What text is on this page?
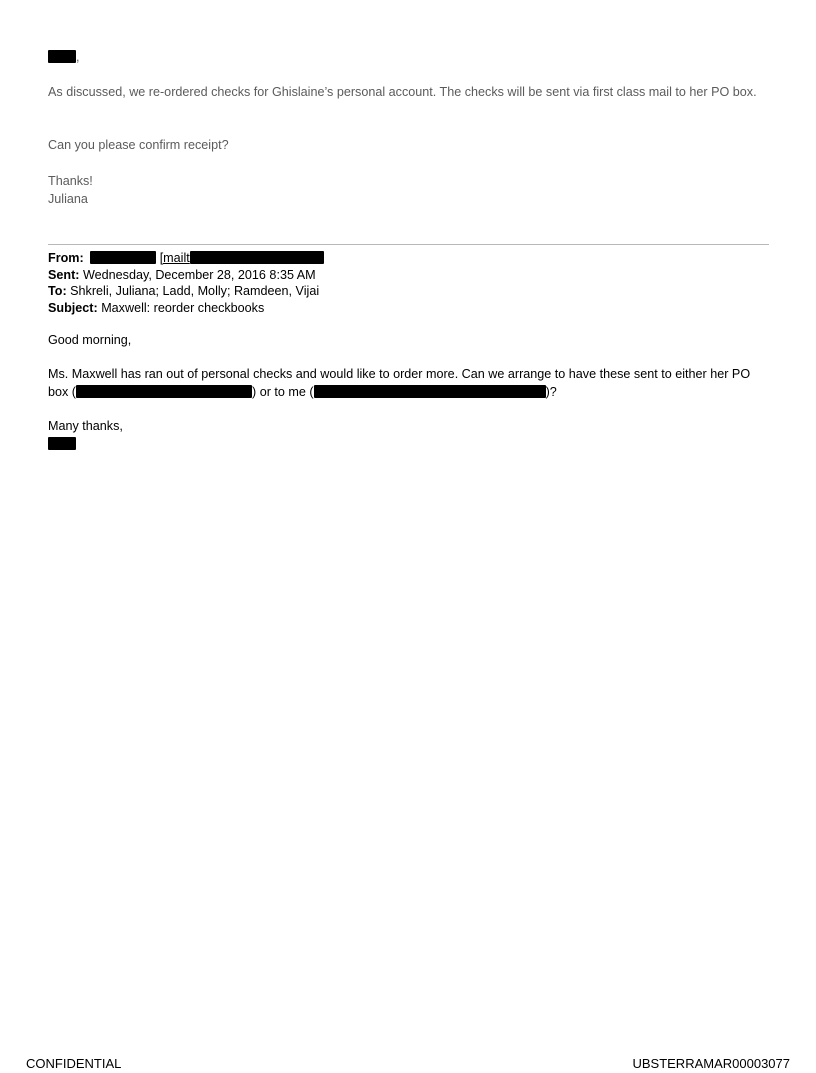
,

As discussed, we re-ordered checks for Ghislaine’s personal account. The checks will be sent via first class mail to her PO box.

Can you please confirm receipt?

Thanks!

Juliana

From:	[mailt
Sent: Wednesday, December 28, 2016 8:35 AM
To: Shkreli, Juliana; Ladd, Molly; Ramdeen, Vijai
Subject: Maxwell: reorder checkbooks

Good morning,

Ms. Maxwell has ran out of personal checks and would like to order more. Can we arrange to have these sent to either her PO

box (	) or to me (	)?

Many thanks,

CONFIDENTIAL	UBSTERRAMAR00003077
